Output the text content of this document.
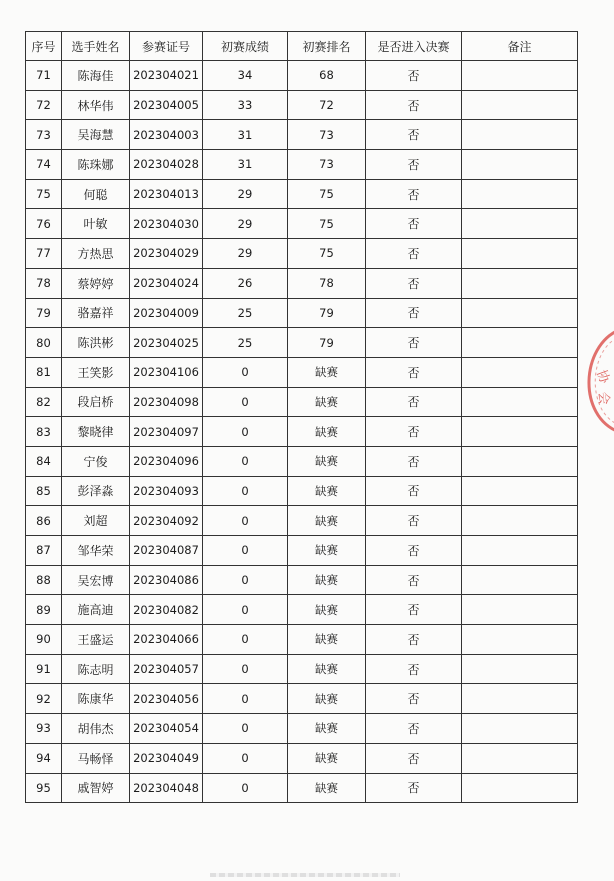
序号	选手姓名	参赛证号	初赛成绩	初赛排名	是否进入决赛	备注
71	陈海佳	202304021	34	68	否	
72	林华伟	202304005	33	72	否	
73	吴海慧	202304003	31	73	否	
74	陈珠娜	202304028	31	73	否	
75	何聪	202304013	29	75	否	
76	叶敏	202304030	29	75	否	
77	方热思	202304029	29	75	否	
78	蔡婷婷	202304024	26	78	否	
79	骆嘉祥	202304009	25	79	否	
80	陈洪彬	202304025	25	79	否	
81	王笑影	202304106	0	缺赛	否	
82	段启桥	202304098	0	缺赛	否	
83	黎晓律	202304097	0	缺赛	否	
84	宁俊	202304096	0	缺赛	否	
85	彭泽淼	202304093	0	缺赛	否	
86	刘超	202304092	0	缺赛	否	
87	邹华荣	202304087	0	缺赛	否	
88	吴宏博	202304086	0	缺赛	否	
89	施高迪	202304082	0	缺赛	否	
90	王盛运	202304066	0	缺赛	否	
91	陈志明	202304057	0	缺赛	否	
92	陈康华	202304056	0	缺赛	否	
93	胡伟杰	202304054	0	缺赛	否	
94	马畅怿	202304049	0	缺赛	否	
95	戚智婷	202304048	0	缺赛	否	
协
会
